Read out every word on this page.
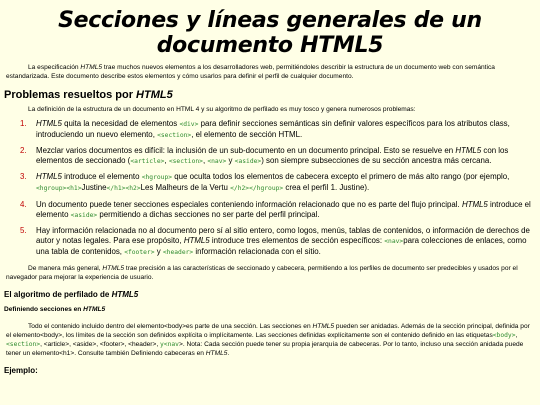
Secciones y líneas generales de un documento HTML5

La especificación HTML5 trae muchos nuevos elementos a los desarrolladores web, permitiéndoles describir la estructura de un documento web con semántica estandarizada. Este documento describe estos elementos y cómo usarlos para definir el perfil de cualquier documento.

Problemas resueltos por HTML5

La definición de la estructura de un documento en HTML 4 y su algoritmo de perfilado es muy tosco y genera numerosos problemas:

1. HTML5 quita la necesidad de elementos <div> para definir secciones semánticas sin definir valores específicos para los atributos class, introduciendo un nuevo elemento, <section>, el elemento de sección HTML.
2. Mezclar varios documentos es difícil: la inclusión de un sub-documento en un documento principal. Esto se resuelve en HTML5 con los elementos de seccionado (<article>, <section>, <nav> y <aside>) son siempre subsecciones de su sección ancestra más cercana.
3. HTML5 introduce el elemento <hgroup> que oculta todos los elementos de cabecera excepto el primero de más alto rango (por ejemplo, <hgroup><h1>Justine</h1><h2>Les Malheurs de la Vertu </h2></hgroup> crea el perfil 1. Justine).
4. Un documento puede tener secciones especiales conteniendo información relacionado que no es parte del flujo principal. HTML5 introduce el elemento <aside> permitiendo a dichas secciones no ser parte del perfil principal.
5. Hay información relacionada no al documento pero sí al sitio entero, como logos, menús, tablas de contenidos, o información de derechos de autor y notas legales. Para ese propósito, HTML5 introduce tres elementos de sección específicos: <nav>para colecciones de enlaces, como una tabla de contenidos, <footer> y <header> información relacionada con el sitio.

De manera más general, HTML5 trae precisión a las características de seccionado y cabecera, permitiendo a los perfiles de documento ser predecibles y usados por el navegador para mejorar la experiencia de usuario.

El algoritmo de perfilado de HTML5
Definiendo secciones en HTML5

Todo el contenido incluido dentro del elemento<body>es parte de una sección. Las secciones en HTML5 pueden ser anidadas. Además de la sección principal, definida por el elemento<body>, los límites de la sección son definidos explícita o implícitamente. Las secciones definidas explícitamente son el contenido definido en las etiquetas<body>, <section>, <article>, <aside>, <footer>, <header>, y<nav>. Nota: Cada sección puede tener su propia jerarquía de cabeceras. Por lo tanto, incluso una sección anidada puede tener un elemento<h1>. Consulte también Definiendo cabeceras en HTML5.

Ejemplo:
